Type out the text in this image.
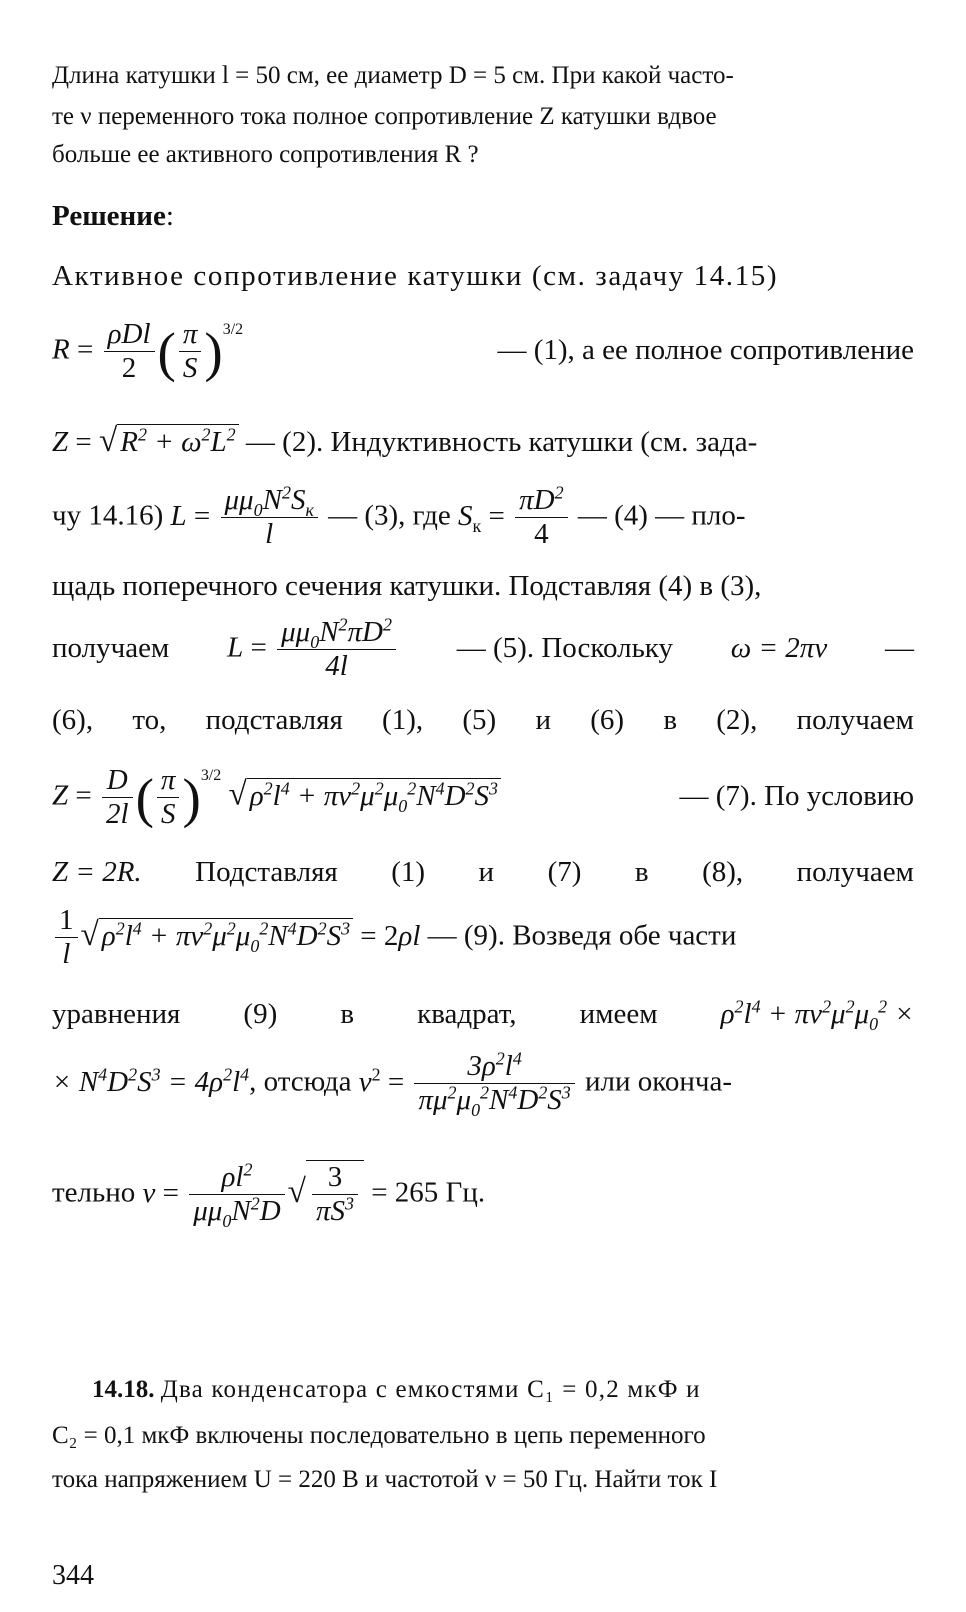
Длина катушки l = 50 см, ее диаметр D = 5 см. При какой часто-
те ν переменного тока полное сопротивление Z катушки вдвое
больше ее активного сопротивления R ?
Решение:
Активное сопротивление катушки (см. задачу 14.15)
$R = \frac{\text{ρDl}}{2}$ ( $\frac{\pi}{S} )^{3/2}$
— (1), а ее полное сопротивление
Z = √ $R^2 + \omega^2L^2$ — (2). Индуктивность катушки (см. зада-
чу 14.16) $L = \frac{\mu\mu_0N^2S_к}{l}$ — (3), где $S_к = \frac{\pi D^2}{4}$ — (4) — пло-
щадь поперечного сечения катушки. Подставляя (4) в (3),
получаем $L = \frac{\mu\mu_0N^2\pi D^2}{4l}$ — (5). Поскольку ω = 2πν —
(6), то, подставляя (1), (5) и (6) в (2), получаем
$Z = \frac{D}{2l}$ ( $\frac{\pi}{S} )^{3/2}$ √ $\rho^2l^4 + \pi\nu^2\mu^2\mu_0^2N^4D^2S^3$	— (7). По условию
Z = 2R. Подставляя (1) и (7) в (8), получаем
$\frac{1}{l}$ √ $\rho^2l^4 + \pi\nu^2\mu^2\mu_0^2N^4D^2S^3 = 2\rho l$ — (9). Возведя обе части
уравнения (9) в квадрат, имеем $\rho^2l^4 + \pi\nu^2\mu^2\mu_0^2$ ×
× $N^4D^2S^3 = 4\rho^2l^4$, отсюда $\nu^2 = \frac{3\rho^2l^4}{\pi\mu^2\mu_0^2N^4D^2S^3}$ или оконча-
тельно $\nu = \frac{\rho l^2}{\mu\mu_0N^2D}$ √ $\frac{3}{\pi S^3} = 265$ Гц.
14.18. Два конденсатора с емкостями C₁ = 0,2 мкФ и
C₂ = 0,1 мкФ включены последовательно в цепь переменного
тока напряжением U = 220 В и частотой ν = 50 Гц. Найти ток I
344
